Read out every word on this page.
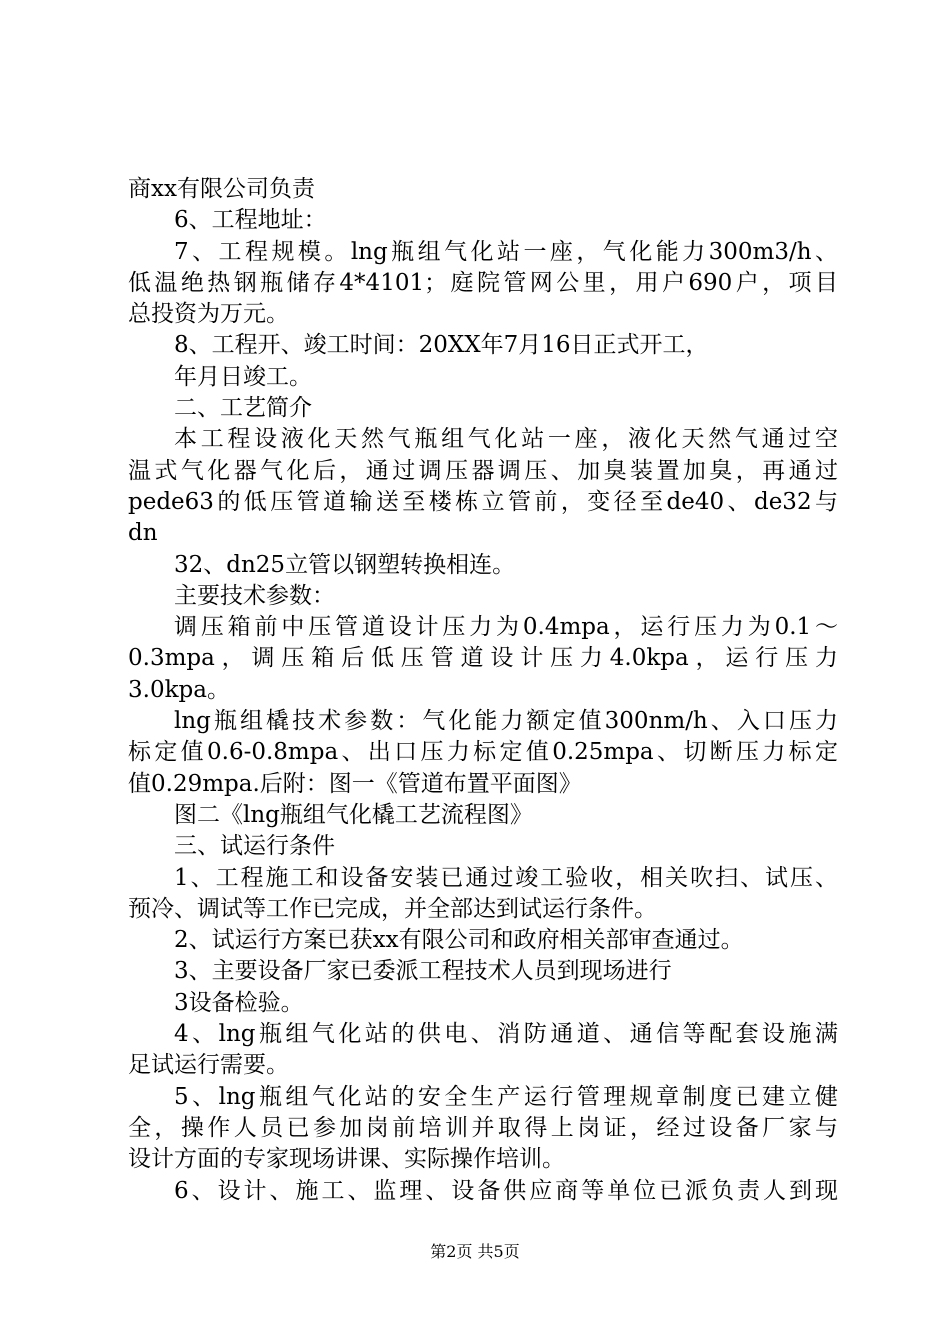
商xx有限公司负责
6、工程地址：
7、工程规模。lng瓶组气化站一座，气化能力300m3/h、
低温绝热钢瓶储存4*4101；庭院管网公里，用户690户，项目
总投资为万元。
8、工程开、竣工时间：20XX年7月16日正式开工，
年月日竣工。
二、工艺简介
本工程设液化天然气瓶组气化站一座，液化天然气通过空
温式气化器气化后，通过调压器调压、加臭装置加臭，再通过
pede63的低压管道输送至楼栋立管前，变径至de40、de32与
dn
32、dn25立管以钢塑转换相连。
主要技术参数：
调压箱前中压管道设计压力为0.4mpa，运行压力为0.1～
0.3mpa，调压箱后低压管道设计压力4.0kpa，运行压力
3.0kpa。
lng瓶组橇技术参数：气化能力额定值300nm/h、入口压力
标定值0.6-0.8mpa、出口压力标定值0.25mpa、切断压力标定
值0.29mpa.后附：图一《管道布置平面图》
图二《lng瓶组气化橇工艺流程图》
三、试运行条件
1、工程施工和设备安装已通过竣工验收，相关吹扫、试压、
预冷、调试等工作已完成，并全部达到试运行条件。
2、试运行方案已获xx有限公司和政府相关部审查通过。
3、主要设备厂家已委派工程技术人员到现场进行
3设备检验。
4、lng瓶组气化站的供电、消防通道、通信等配套设施满
足试运行需要。
5、lng瓶组气化站的安全生产运行管理规章制度已建立健
全，操作人员已参加岗前培训并取得上岗证，经过设备厂家与
设计方面的专家现场讲课、实际操作培训。
6、设计、施工、监理、设备供应商等单位已派负责人到现
第2页 共5页
